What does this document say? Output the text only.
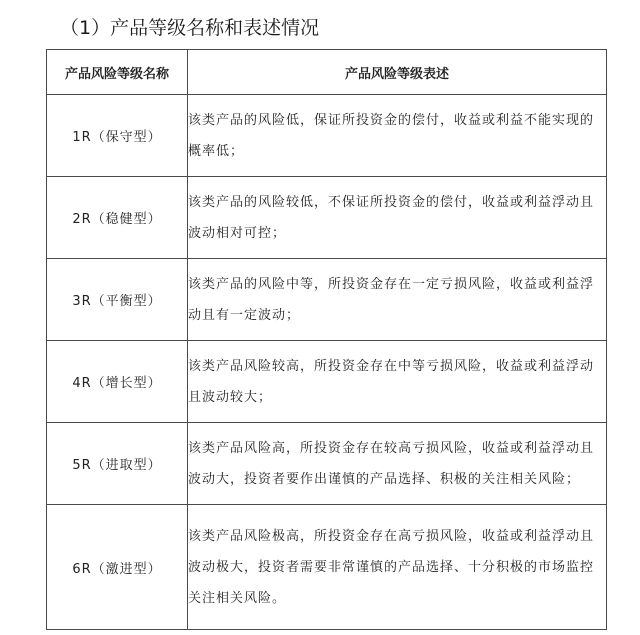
（1）产品等级名称和表述情况
产品风险等级名称	产品风险等级表述
1R（保守型）	该类产品的风险低，保证所投资金的偿付，收益或利益不能实现的概率低；
2R（稳健型）	该类产品的风险较低，不保证所投资金的偿付，收益或利益浮动且波动相对可控；
3R（平衡型）	该类产品的风险中等，所投资金存在一定亏损风险，收益或利益浮动且有一定波动；
4R（增长型）	该类产品风险较高，所投资金存在中等亏损风险，收益或利益浮动且波动较大；
5R（进取型）	该类产品风险高，所投资金存在较高亏损风险，收益或利益浮动且波动大，投资者要作出谨慎的产品选择、积极的关注相关风险；
6R（激进型）	该类产品风险极高，所投资金存在高亏损风险，收益或利益浮动且波动极大，投资者需要非常谨慎的产品选择、十分积极的市场监控关注相关风险。
